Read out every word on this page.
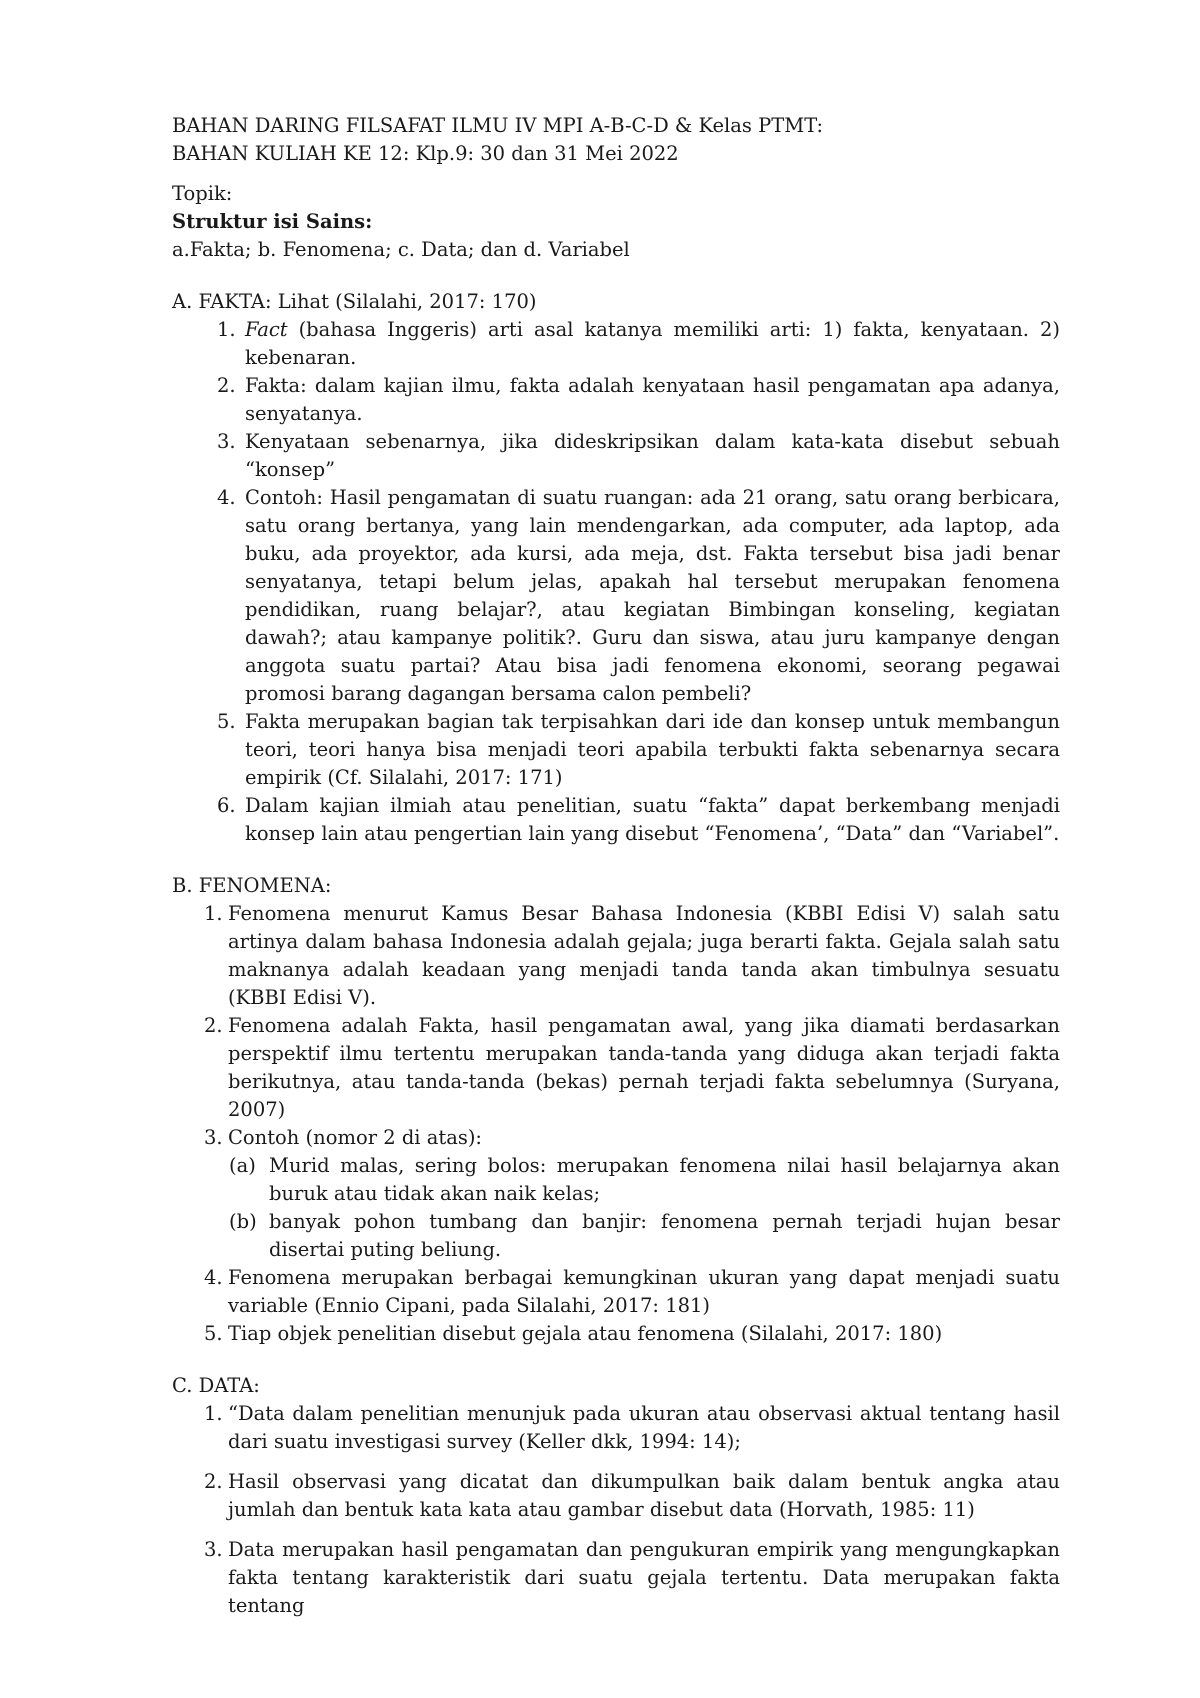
BAHAN DARING FILSAFAT ILMU IV MPI A-B-C-D & Kelas PTMT:

BAHAN KULIAH KE 12: Klp.9: 30 dan 31 Mei 2022

Topik:

Struktur isi Sains:

a.Fakta; b. Fenomena; c. Data; dan d. Variabel

A. FAKTA: Lihat (Silalahi, 2017: 170)

1. Fact (bahasa Inggeris) arti asal katanya memiliki arti: 1) fakta, kenyataan. 2) kebenaran.
2. Fakta: dalam kajian ilmu, fakta adalah kenyataan hasil pengamatan apa adanya, senyatanya.
3. Kenyataan sebenarnya, jika dideskripsikan dalam kata-kata disebut sebuah “konsep”
4. Contoh: Hasil pengamatan di suatu ruangan: ada 21 orang, satu orang berbicara, satu orang bertanya, yang lain mendengarkan, ada computer, ada laptop, ada buku, ada proyektor, ada kursi, ada meja, dst. Fakta tersebut bisa jadi benar senyatanya, tetapi belum jelas, apakah hal tersebut merupakan fenomena pendidikan, ruang belajar?, atau kegiatan Bimbingan konseling, kegiatan dawah?; atau kampanye politik?. Guru dan siswa, atau juru kampanye dengan anggota suatu partai? Atau bisa jadi fenomena ekonomi, seorang pegawai promosi barang dagangan bersama calon pembeli?
5. Fakta merupakan bagian tak terpisahkan dari ide dan konsep untuk membangun teori, teori hanya bisa menjadi teori apabila terbukti fakta sebenarnya secara empirik (Cf. Silalahi, 2017: 171)
6. Dalam kajian ilmiah atau penelitian, suatu “fakta” dapat berkembang menjadi konsep lain atau pengertian lain yang disebut “Fenomena’, “Data” dan “Variabel”.

B. FENOMENA:

1. Fenomena menurut Kamus Besar Bahasa Indonesia (KBBI Edisi V) salah satu artinya dalam bahasa Indonesia adalah gejala; juga berarti fakta. Gejala salah satu maknanya adalah keadaan yang menjadi tanda tanda akan timbulnya sesuatu (KBBI Edisi V).
2. Fenomena adalah Fakta, hasil pengamatan awal, yang jika diamati berdasarkan perspektif ilmu tertentu merupakan tanda-tanda yang diduga akan terjadi fakta berikutnya, atau tanda-tanda (bekas) pernah terjadi fakta sebelumnya (Suryana, 2007)
3. Contoh (nomor 2 di atas):
(a) Murid malas, sering bolos: merupakan fenomena nilai hasil belajarnya akan buruk atau tidak akan naik kelas;
(b) banyak pohon tumbang dan banjir: fenomena pernah terjadi hujan besar disertai puting beliung.
4. Fenomena merupakan berbagai kemungkinan ukuran yang dapat menjadi suatu variable (Ennio Cipani, pada Silalahi, 2017: 181)
5. Tiap objek penelitian disebut gejala atau fenomena (Silalahi, 2017: 180)

C. DATA:

1. “Data dalam penelitian menunjuk pada ukuran atau observasi aktual tentang hasil dari suatu investigasi survey (Keller dkk, 1994: 14);
2. Hasil observasi yang dicatat dan dikumpulkan baik dalam bentuk angka atau jumlah dan bentuk kata kata atau gambar disebut data (Horvath, 1985: 11)
3. Data merupakan hasil pengamatan dan pengukuran empirik yang mengungkapkan fakta tentang karakteristik dari suatu gejala tertentu. Data merupakan fakta tentang
